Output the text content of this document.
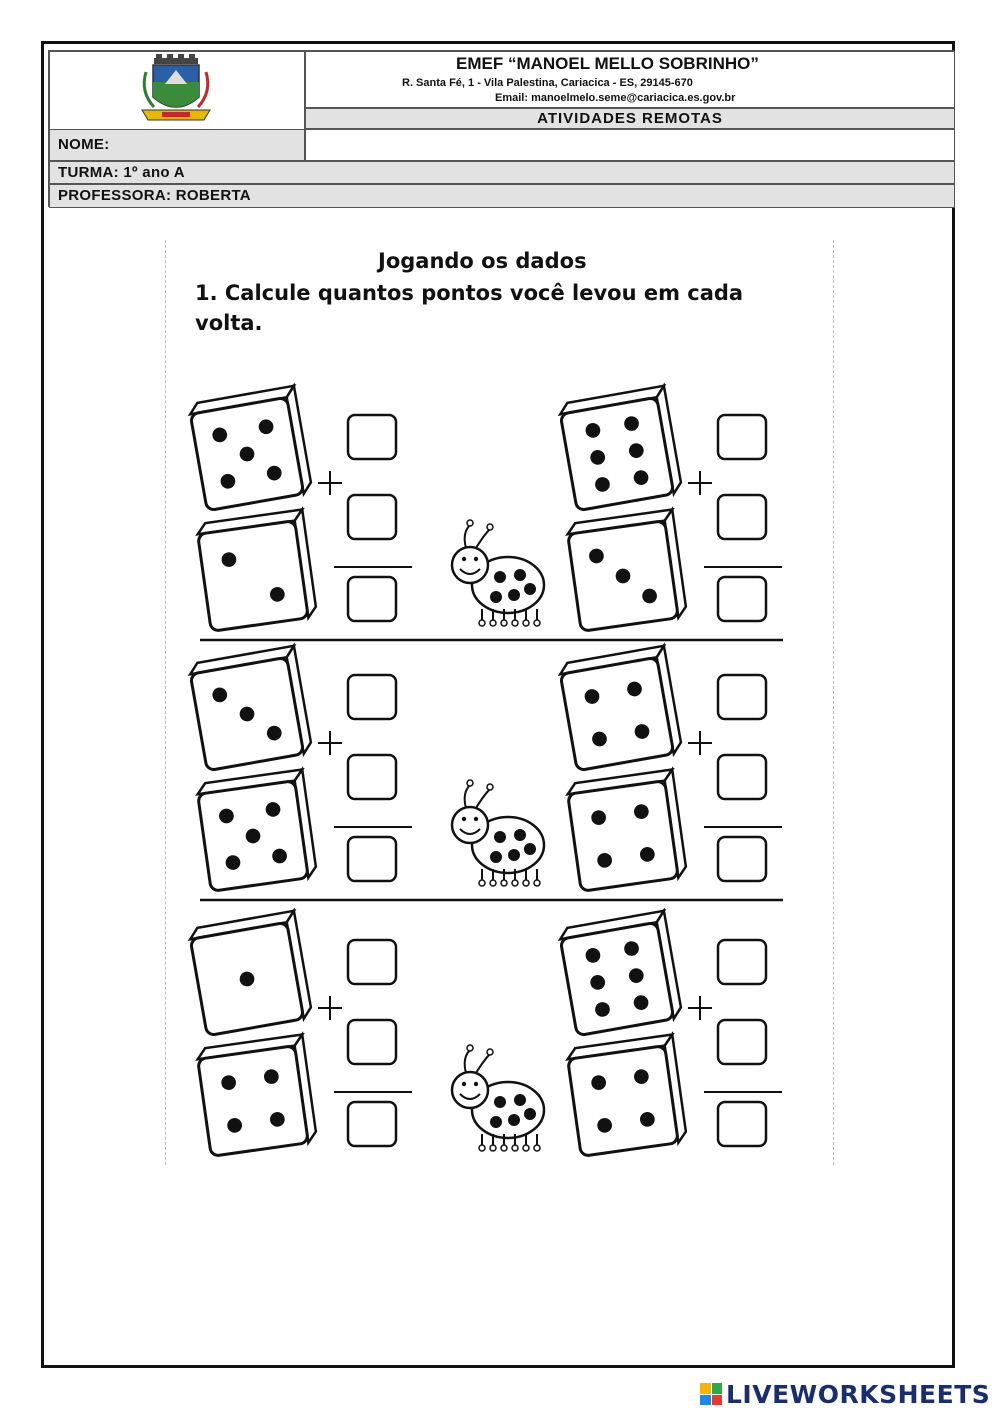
EMEF “MANOEL MELLO SOBRINHO”
R. Santa Fé, 1 - Vila Palestina, Cariacica - ES, 29145-670
Email: manoelmelo.seme@cariacica.es.gov.br
ATIVIDADES REMOTAS
NOME:
TURMA: 1º ano A
PROFESSORA: ROBERTA
Jogando os dados
1. Calcule quantos pontos você levou em cada volta.
LIVEWORKSHEETS
